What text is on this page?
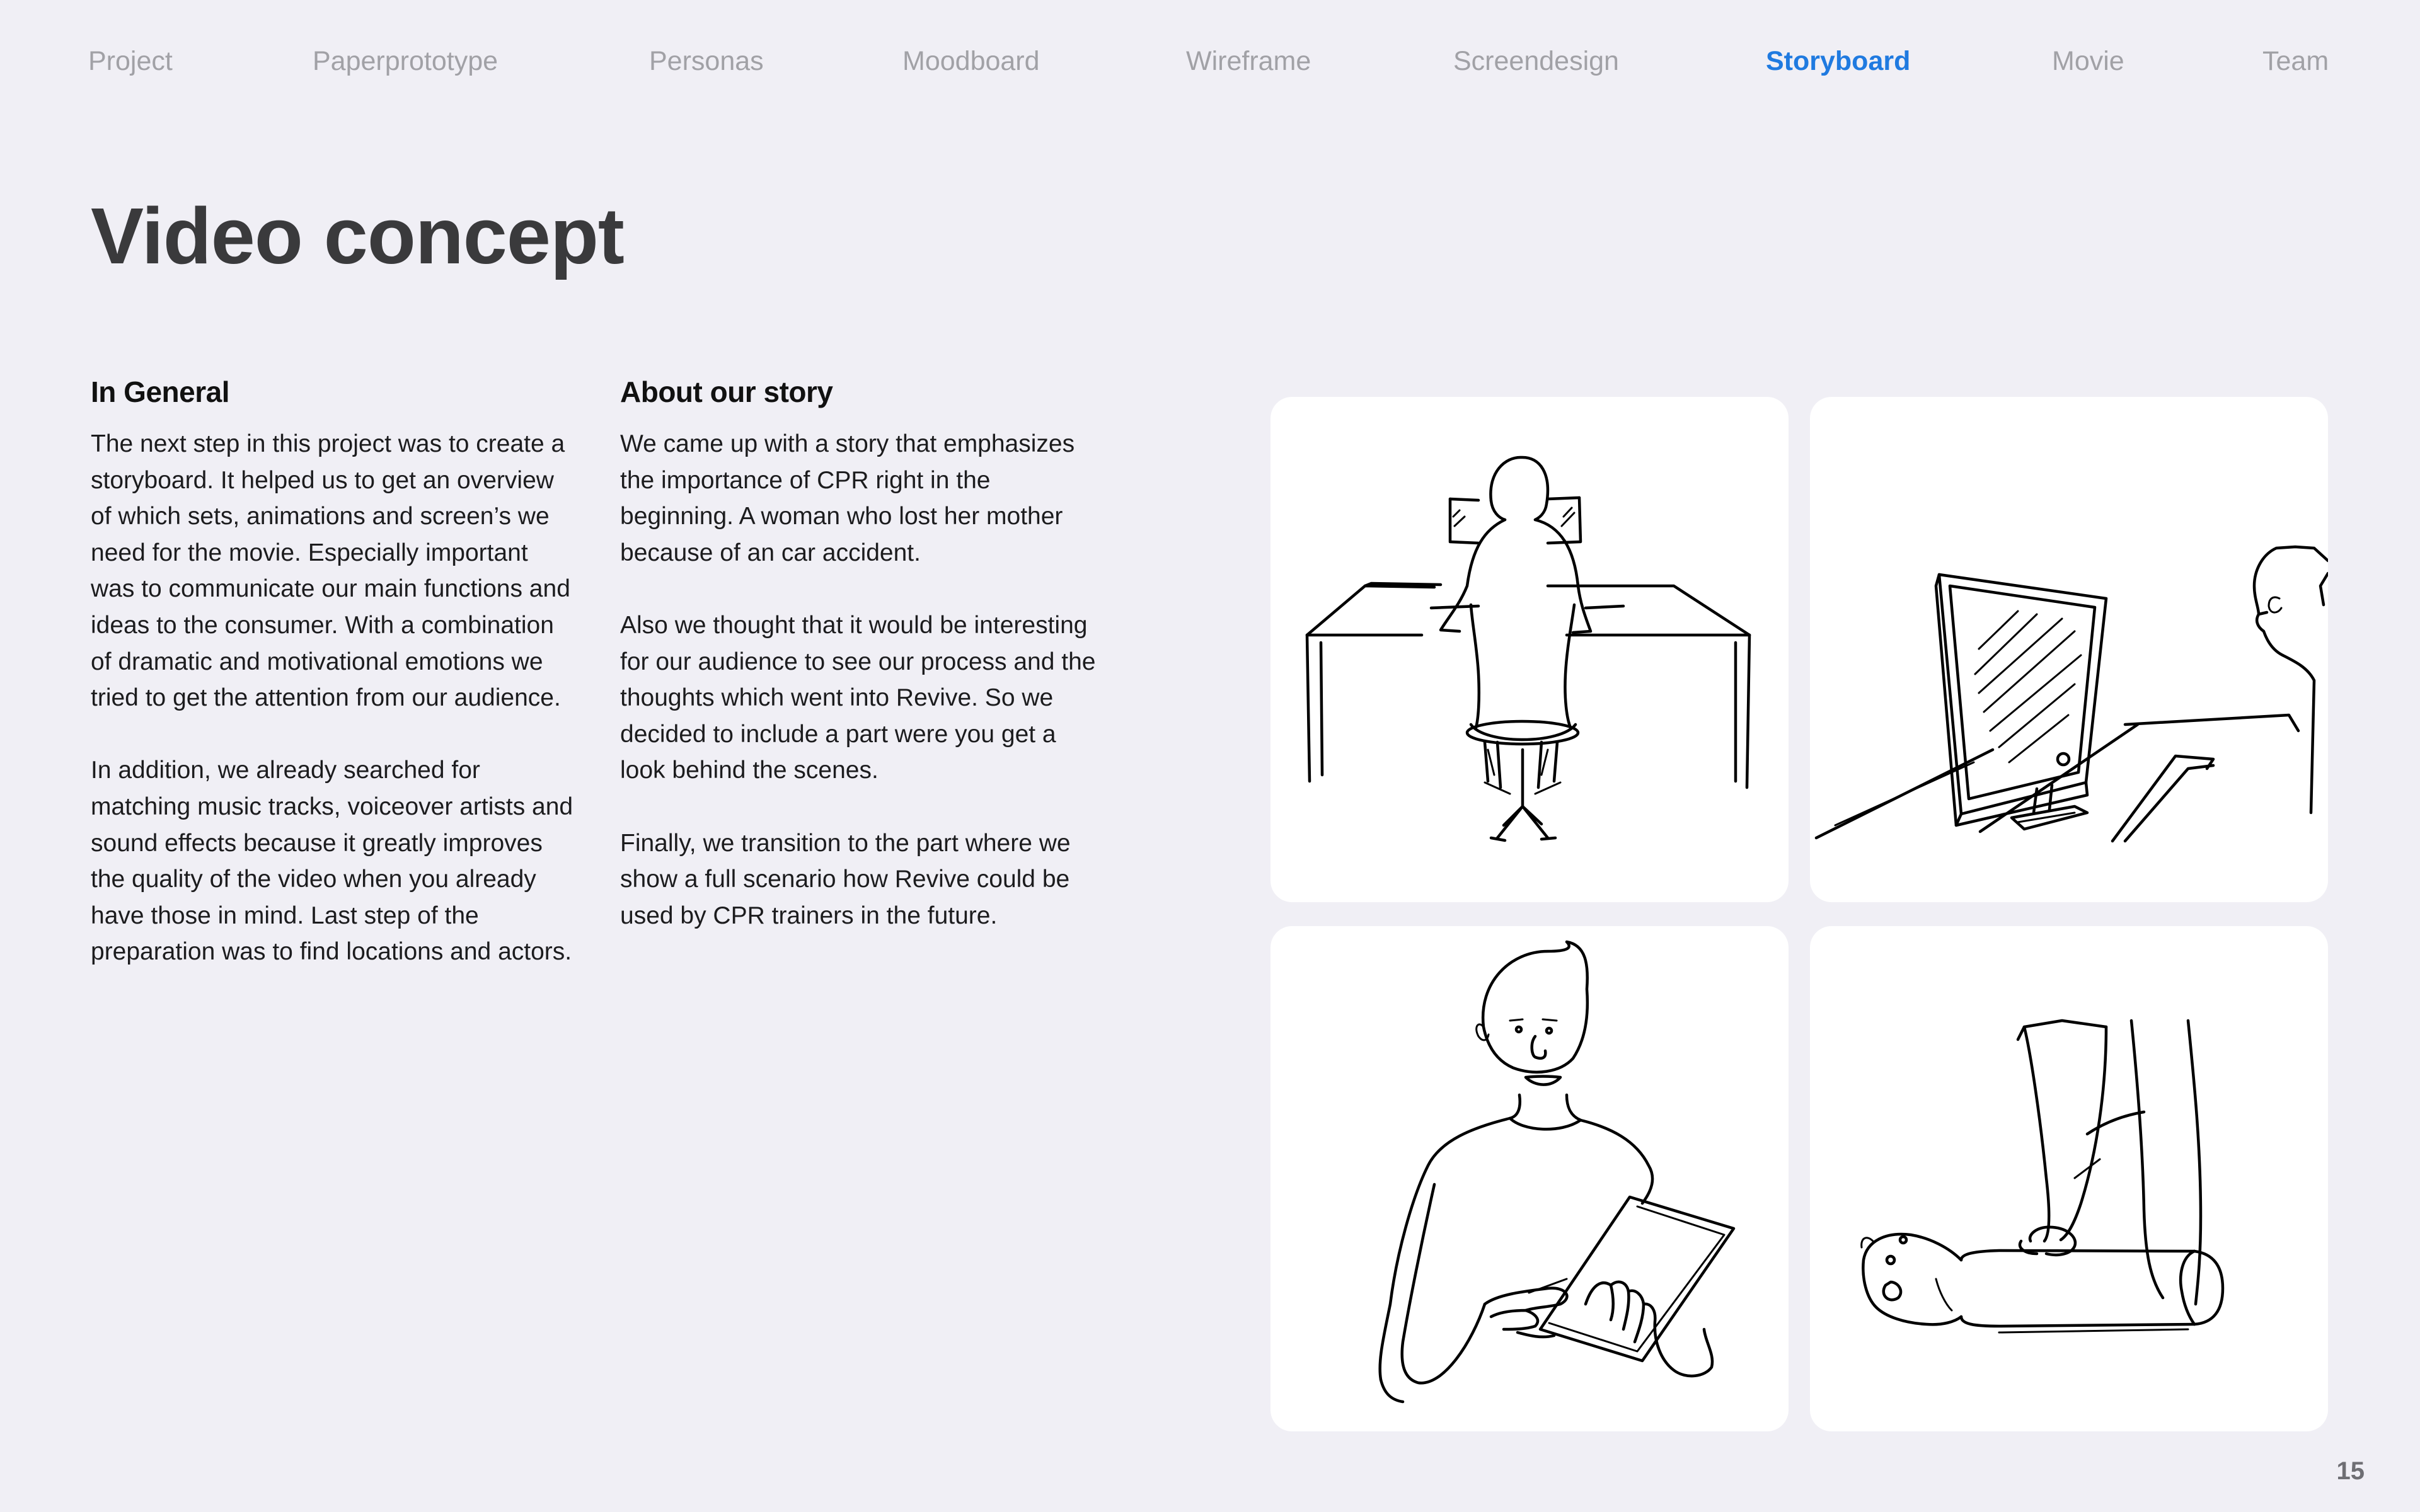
Project	Paperprototype	Personas	Moodboard	Wireframe	Screendesign	Storyboard	Movie	Team
Video concept
In General

The next step in this project was to create a storyboard. It helped us to get an overview of which sets, animations and screen’s we need for the movie. Especially important was to communicate our main functions and ideas to the consumer. With a combination of dramatic and motivational emotions we tried to get the attention from our audience.

In addition, we already searched for matching music tracks, voiceover artists and sound effects because it greatly improves the quality of the video when you already have those in mind. Last step of the preparation was to find locations and actors.

About our story

We came up with a story that emphasizes the importance of CPR right in the beginning. A woman who lost her mother because of an car accident.

Also we thought that it would be interesting for our audience to see our process and the thoughts which went into Revive. So we decided to include a part were you get a look behind the scenes.

Finally, we transition to the part where we show a full scenario how Revive could be used by CPR trainers in the future.

15
